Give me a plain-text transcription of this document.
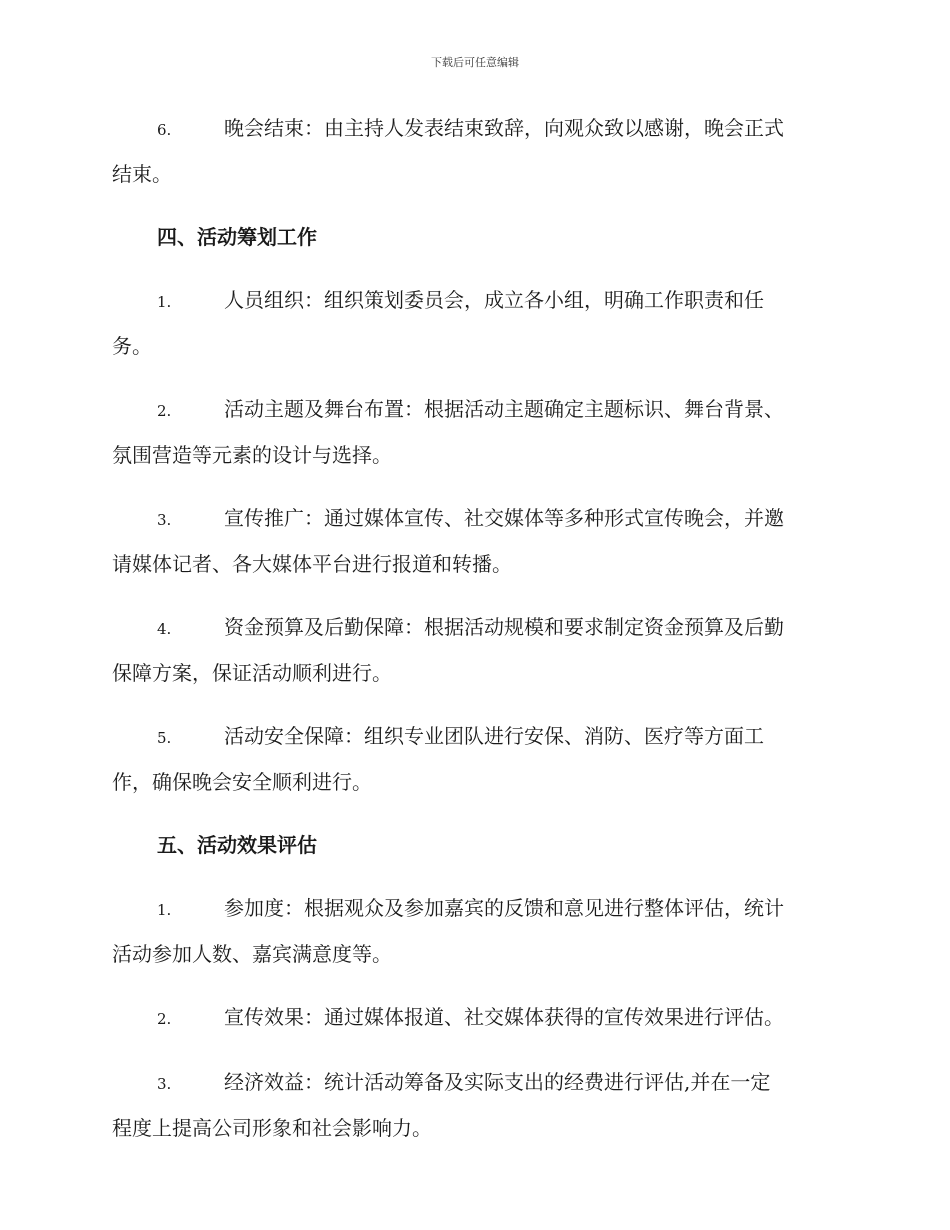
下载后可任意编辑
6.	晚会结束：由主持人发表结束致辞，向观众致以感谢，晚会正式
结束。
四、活动筹划工作
1.	人员组织：组织策划委员会，成立各小组，明确工作职责和任
务。
2.	活动主题及舞台布置：根据活动主题确定主题标识、舞台背景、
氛围营造等元素的设计与选择。
3.	宣传推广：通过媒体宣传、社交媒体等多种形式宣传晚会，并邀
请媒体记者、各大媒体平台进行报道和转播。
4.	资金预算及后勤保障：根据活动规模和要求制定资金预算及后勤
保障方案，保证活动顺利进行。
5.	活动安全保障：组织专业团队进行安保、消防、医疗等方面工
作，确保晚会安全顺利进行。
五、活动效果评估
1.	参加度：根据观众及参加嘉宾的反馈和意见进行整体评估，统计
活动参加人数、嘉宾满意度等。
2.	宣传效果：通过媒体报道、社交媒体获得的宣传效果进行评估。
3.	经济效益：统计活动筹备及实际支出的经费进行评估,并在一定
程度上提高公司形象和社会影响力。
